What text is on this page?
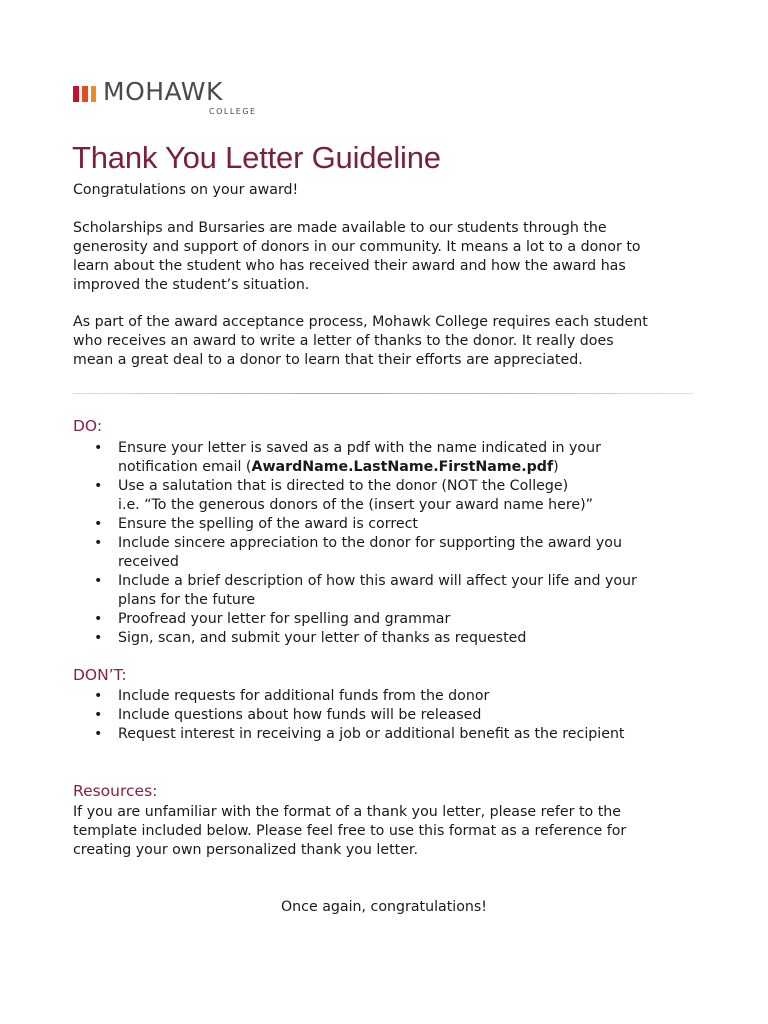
MOHAWK
COLLEGE
Thank You Letter Guideline

Congratulations on your award!

Scholarships and Bursaries are made available to our students through the

generosity and support of donors in our community. It means a lot to a donor to

learn about the student who has received their award and how the award has

improved the student’s situation.

As part of the award acceptance process, Mohawk College requires each student

who receives an award to write a letter of thanks to the donor. It really does

mean a great deal to a donor to learn that their efforts are appreciated.

DO:
• Ensure your letter is saved as a pdf with the name indicated in your
notification email (AwardName.LastName.FirstName.pdf)
• Use a salutation that is directed to the donor (NOT the College)
i.e. “To the generous donors of the (insert your award name here)”
• Ensure the spelling of the award is correct
• Include sincere appreciation to the donor for supporting the award you
received
• Include a brief description of how this award will affect your life and your
plans for the future
• Proofread your letter for spelling and grammar
• Sign, scan, and submit your letter of thanks as requested
DON’T:
• Include requests for additional funds from the donor
• Include questions about how funds will be released
• Request interest in receiving a job or additional benefit as the recipient
Resources:

If you are unfamiliar with the format of a thank you letter, please refer to the

template included below. Please feel free to use this format as a reference for

creating your own personalized thank you letter.

Once again, congratulations!
